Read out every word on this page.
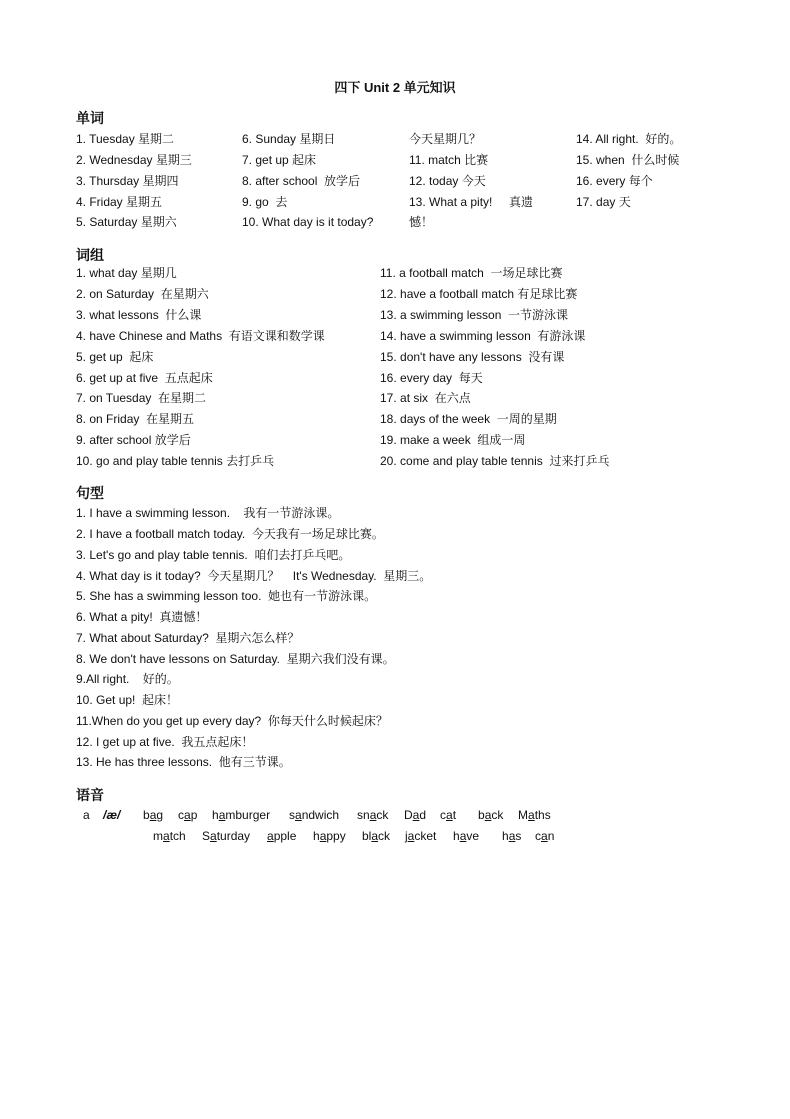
四下 Unit 2 单元知识
单词
1. Tuesday 星期二
2. Wednesday 星期三
3. Thursday 星期四
4. Friday 星期五
5. Saturday 星期六
6. Sunday 星期日
7. get up 起床
8. after school  放学后
9. go  去
10. What day is it today?
今天星期几？
11. match 比赛
12. today 今天
13. What a pity!     真遗
憾！
14. All right.  好的。
15. when  什么时候
16. every 每个
17. day 天
词组
1. what day 星期几
2. on Saturday  在星期六
3. what lessons  什么课
4. have Chinese and Maths  有语文课和数学课
5. get up  起床
6. get up at five  五点起床
7. on Tuesday  在星期二
8. on Friday  在星期五
9. after school 放学后
10. go and play table tennis 去打乒乓
11. a football match  一场足球比赛
12. have a football match 有足球比赛
13. a swimming lesson  一节游泳课
14. have a swimming lesson  有游泳课
15. don't have any lessons  没有课
16. every day  每天
17. at six  在六点
18. days of the week  一周的星期
19. make a week  组成一周
20. come and play table tennis  过来打乒乓
句型
1. I have a swimming lesson.    我有一节游泳课。
2. I have a football match today.  今天我有一场足球比赛。
3. Let's go and play table tennis.  咱们去打乒乓吧。
4. What day is it today?  今天星期几？    It's Wednesday.  星期三。
5. She has a swimming lesson too.  她也有一节游泳课。
6. What a pity!  真遗憾！
7. What about Saturday?  星期六怎么样？
8. We don't have lessons on Saturday.  星期六我们没有课。
9.All right.    好的。
10. Get up!  起床！
11.When do you get up every day?  你每天什么时候起床？
12. I get up at five.  我五点起床！
13. He has three lessons.  他有三节课。
语音
a /æ/ bag cap hamburger sandwich snack Dad cat back Maths
match Saturday apple happy black jacket have has can
